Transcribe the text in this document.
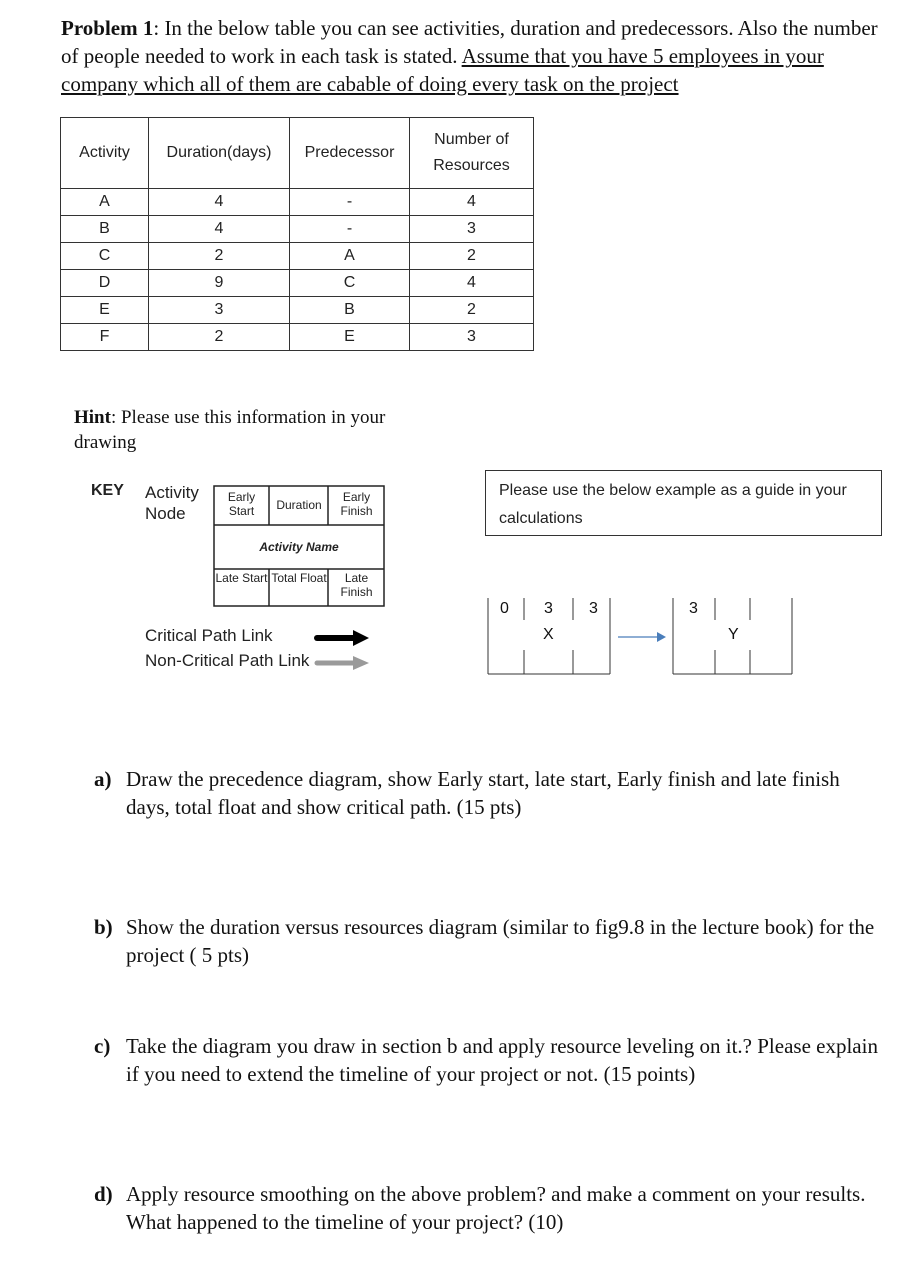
Problem 1: In the below table you can see activities, duration and predecessors. Also the number of people needed to work in each task is stated. Assume that you have 5 employees in your company which all of them are cabable of doing every task on the project
Activity	Duration(days)	Predecessor	Number of Resources

A	4	-	4
B	4	-	3
C	2	A	2
D	9	C	4
E	3	B	2
F	2	E	3
Hint: Please use this information in your drawing
KEY Activity Node
Early Start	Duration
Early Finish
Activity Name
Late Start Total Float	Late Finish
Critical Path Link
Non-Critical Path Link
Please use the below example as a guide in your calculations
0 3 3
X
3
Y
a) Draw the precedence diagram, show Early start, late start, Early finish and late finish days, total float and show critical path. (15 pts)
b) Show the duration versus resources diagram (similar to fig9.8 in the lecture book) for the project ( 5 pts)
c) Take the diagram you draw in section b and apply resource leveling on it.? Please explain if you need to extend the timeline of your project or not. (15 points)
d) Apply resource smoothing on the above problem? and make a comment on your results. What happened to the timeline of your project? (10)
